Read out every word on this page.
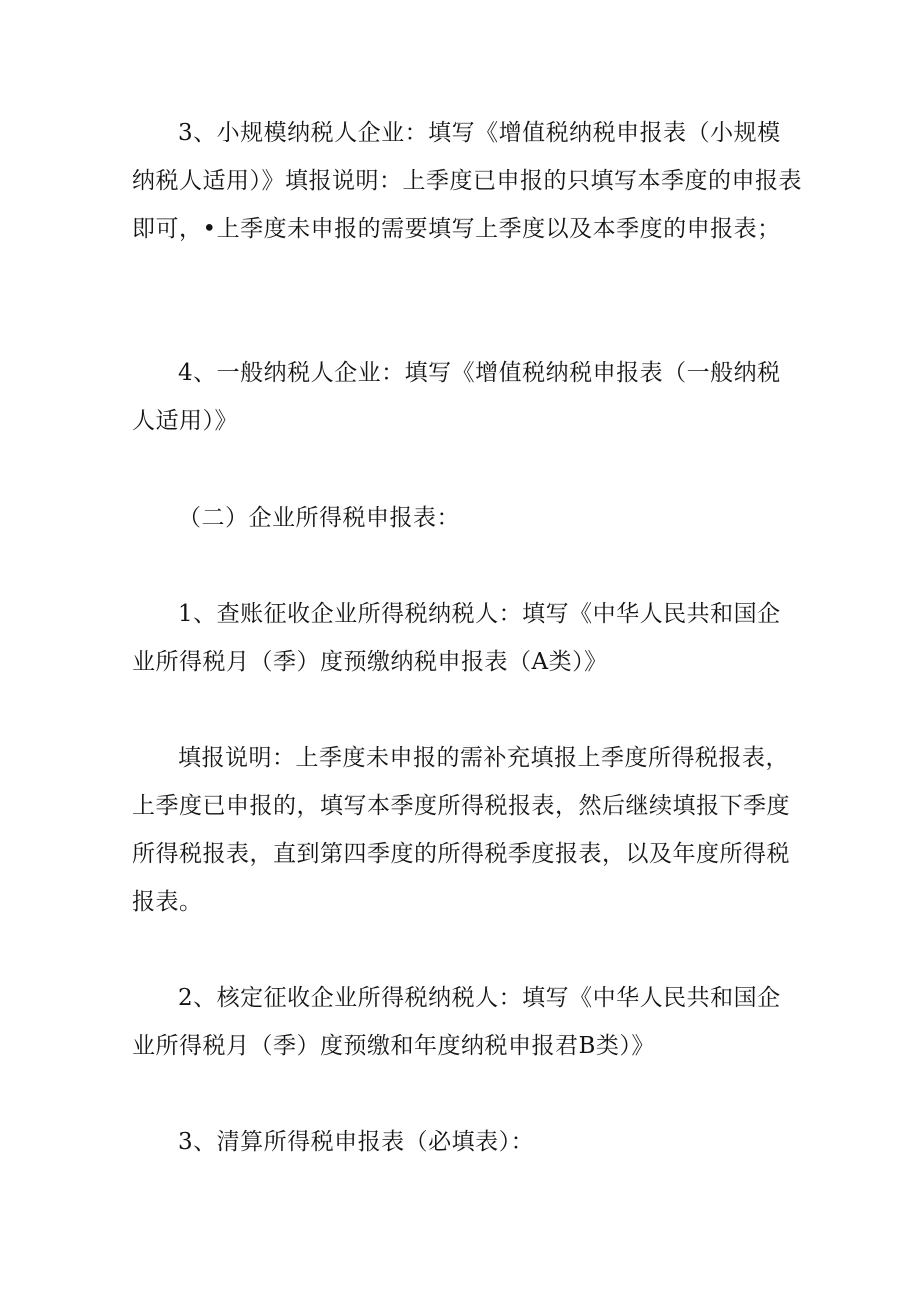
3、小规模纳税人企业：填写《增值税纳税申报表（小规模纳税人适用）》填报说明：上季度已申报的只填写本季度的申报表即可，•上季度未申报的需要填写上季度以及本季度的申报表；

4、一般纳税人企业：填写《增值税纳税申报表（一般纳税人适用）》

（二）企业所得税申报表：

1、查账征收企业所得税纳税人：填写《中华人民共和国企业所得税月（季）度预缴纳税申报表（A类）》

填报说明：上季度未申报的需补充填报上季度所得税报表，上季度已申报的，填写本季度所得税报表，然后继续填报下季度所得税报表，直到第四季度的所得税季度报表，以及年度所得税报表。

2、核定征收企业所得税纳税人：填写《中华人民共和国企业所得税月（季）度预缴和年度纳税申报君B类）》

3、清算所得税申报表（必填表）：
